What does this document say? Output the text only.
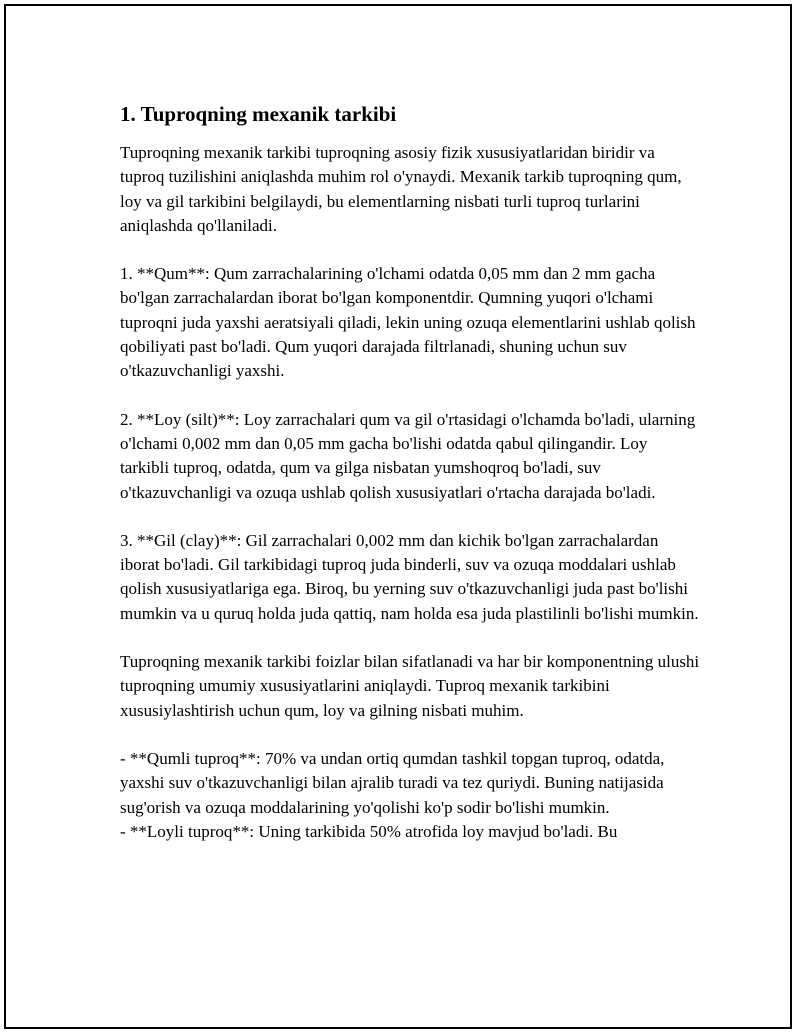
1. Tuproqning mexanik tarkibi

Tuproqning mexanik tarkibi tuproqning asosiy fizik xususiyatlaridan biridir va tuproq tuzilishini aniqlashda muhim rol o'ynaydi. Mexanik tarkib tuproqning qum, loy va gil tarkibini belgilaydi, bu elementlarning nisbati turli tuproq turlarini aniqlashda qo'llaniladi.

1. **Qum**: Qum zarrachalarining o'lchami odatda 0,05 mm dan 2 mm gacha bo'lgan zarrachalardan iborat bo'lgan komponentdir. Qumning yuqori o'lchami tuproqni juda yaxshi aeratsiyali qiladi, lekin uning ozuqa elementlarini ushlab qolish qobiliyati past bo'ladi. Qum yuqori darajada filtrlanadi, shuning uchun suv o'tkazuvchanligi yaxshi.

2. **Loy (silt)**: Loy zarrachalari qum va gil o'rtasidagi o'lchamda bo'ladi, ularning o'lchami 0,002 mm dan 0,05 mm gacha bo'lishi odatda qabul qilingandir. Loy tarkibli tuproq, odatda, qum va gilga nisbatan yumshoqroq bo'ladi, suv o'tkazuvchanligi va ozuqa ushlab qolish xususiyatlari o'rtacha darajada bo'ladi.

3. **Gil (clay)**: Gil zarrachalari 0,002 mm dan kichik bo'lgan zarrachalardan iborat bo'ladi. Gil tarkibidagi tuproq juda binderli, suv va ozuqa moddalari ushlab qolish xususiyatlariga ega. Biroq, bu yerning suv o'tkazuvchanligi juda past bo'lishi mumkin va u quruq holda juda qattiq, nam holda esa juda plastilinli bo'lishi mumkin.

Tuproqning mexanik tarkibi foizlar bilan sifatlanadi va har bir komponentning ulushi tuproqning umumiy xususiyatlarini aniqlaydi. Tuproq mexanik tarkibini xususiylashtirish uchun qum, loy va gilning nisbati muhim.

- **Qumli tuproq**: 70% va undan ortiq qumdan tashkil topgan tuproq, odatda, yaxshi suv o'tkazuvchanligi bilan ajralib turadi va tez quriydi. Buning natijasida sug'orish va ozuqa moddalarining yo'qolishi ko'p sodir bo'lishi mumkin.

- **Loyli tuproq**: Uning tarkibida 50% atrofida loy mavjud bo'ladi. Bu
